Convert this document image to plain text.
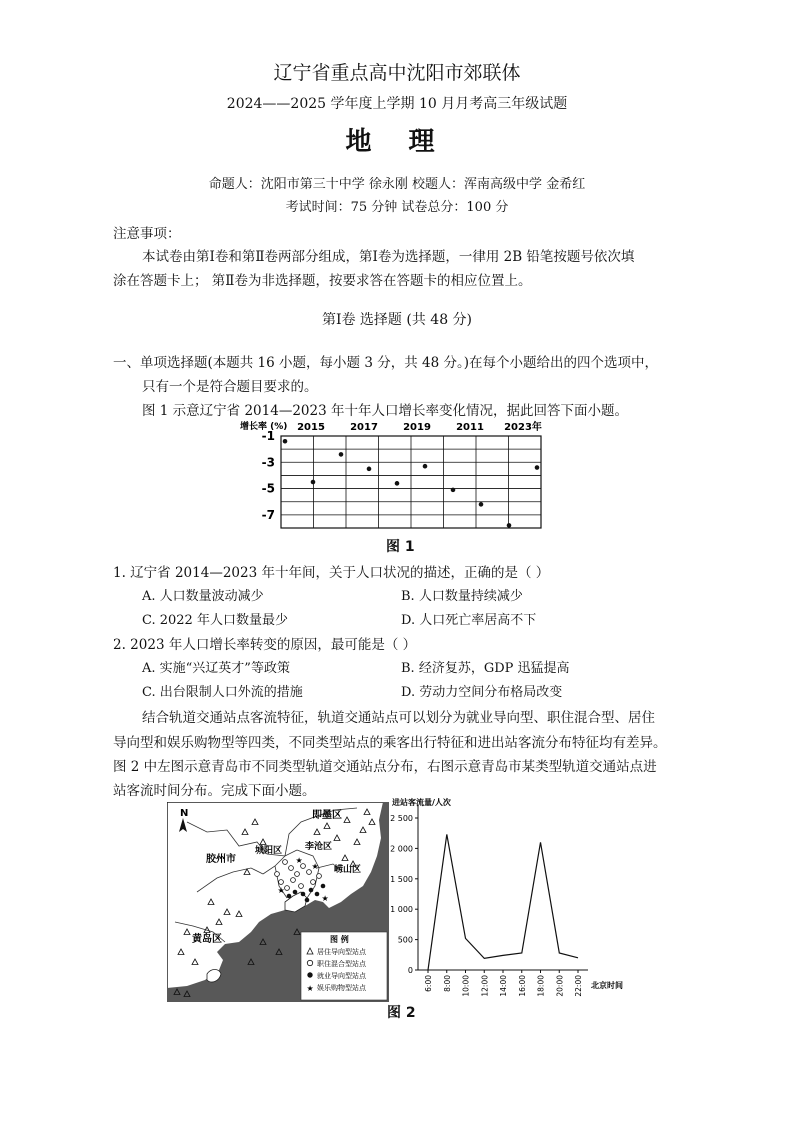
辽宁省重点高中沈阳市郊联体
2024——2025 学年度上学期 10 月月考高三年级试题
地 理
命题人：沈阳市第三十中学 徐永刚 校题人：浑南高级中学 金希红
考试时间：75 分钟 试卷总分：100 分
注意事项：
本试卷由第Ⅰ卷和第Ⅱ卷两部分组成，第Ⅰ卷为选择题，一律用 2B 铅笔按题号依次填
涂在答题卡上； 第Ⅱ卷为非选择题，按要求答在答题卡的相应位置上。
第Ⅰ卷 选择题 (共 48 分)
一、单项选择题(本题共 16 小题，每小题 3 分，共 48 分。)在每个小题给出的四个选项中，
只有一个是符合题目要求的。
图 1 示意辽宁省 2014—2023 年十年人口增长率变化情况，据此回答下面小题。
增长率 (%)
-1
-3
-5
-7
2015	2017	2019	2011 2023年
图 1
1. 辽宁省 2014—2023 年十年间，关于人口状况的描述，正确的是（ ）
A. 人口数量波动减少	B. 人口数量持续减少
C. 2022 年人口数量最少	D. 人口死亡率居高不下
2. 2023 年人口增长率转变的原因，最可能是（ ）
A. 实施“兴辽英才”等政策	B. 经济复苏，GDP 迅猛提高
C. 出台限制人口外流的措施	D. 劳动力空间分布格局改变
结合轨道交通站点客流特征，轨道交通站点可以划分为就业导向型、职住混合型、居住
导向型和娱乐购物型等四类，不同类型站点的乘客出行特征和进出站客流分布特征均有差异。
图 2 中左图示意青岛市不同类型轨道交通站点分布，右图示意青岛市某类型轨道交通站点进
站客流时间分布。完成下面小题。
N	即墨区
胶州市
城阳区	李沧区
崂山区
黄岛区
★
★
★
★
图 例
居住导向型站点
职住混合型站点
就业导向型站点
★ 娱乐购物型站点
进站客流量/人次
2 500
2 000
1 500
1 000
500
0
6:00 8:00 10:00 12:00 14:00 16:00 18:00 20:00 22:00 北京时间
图 2
